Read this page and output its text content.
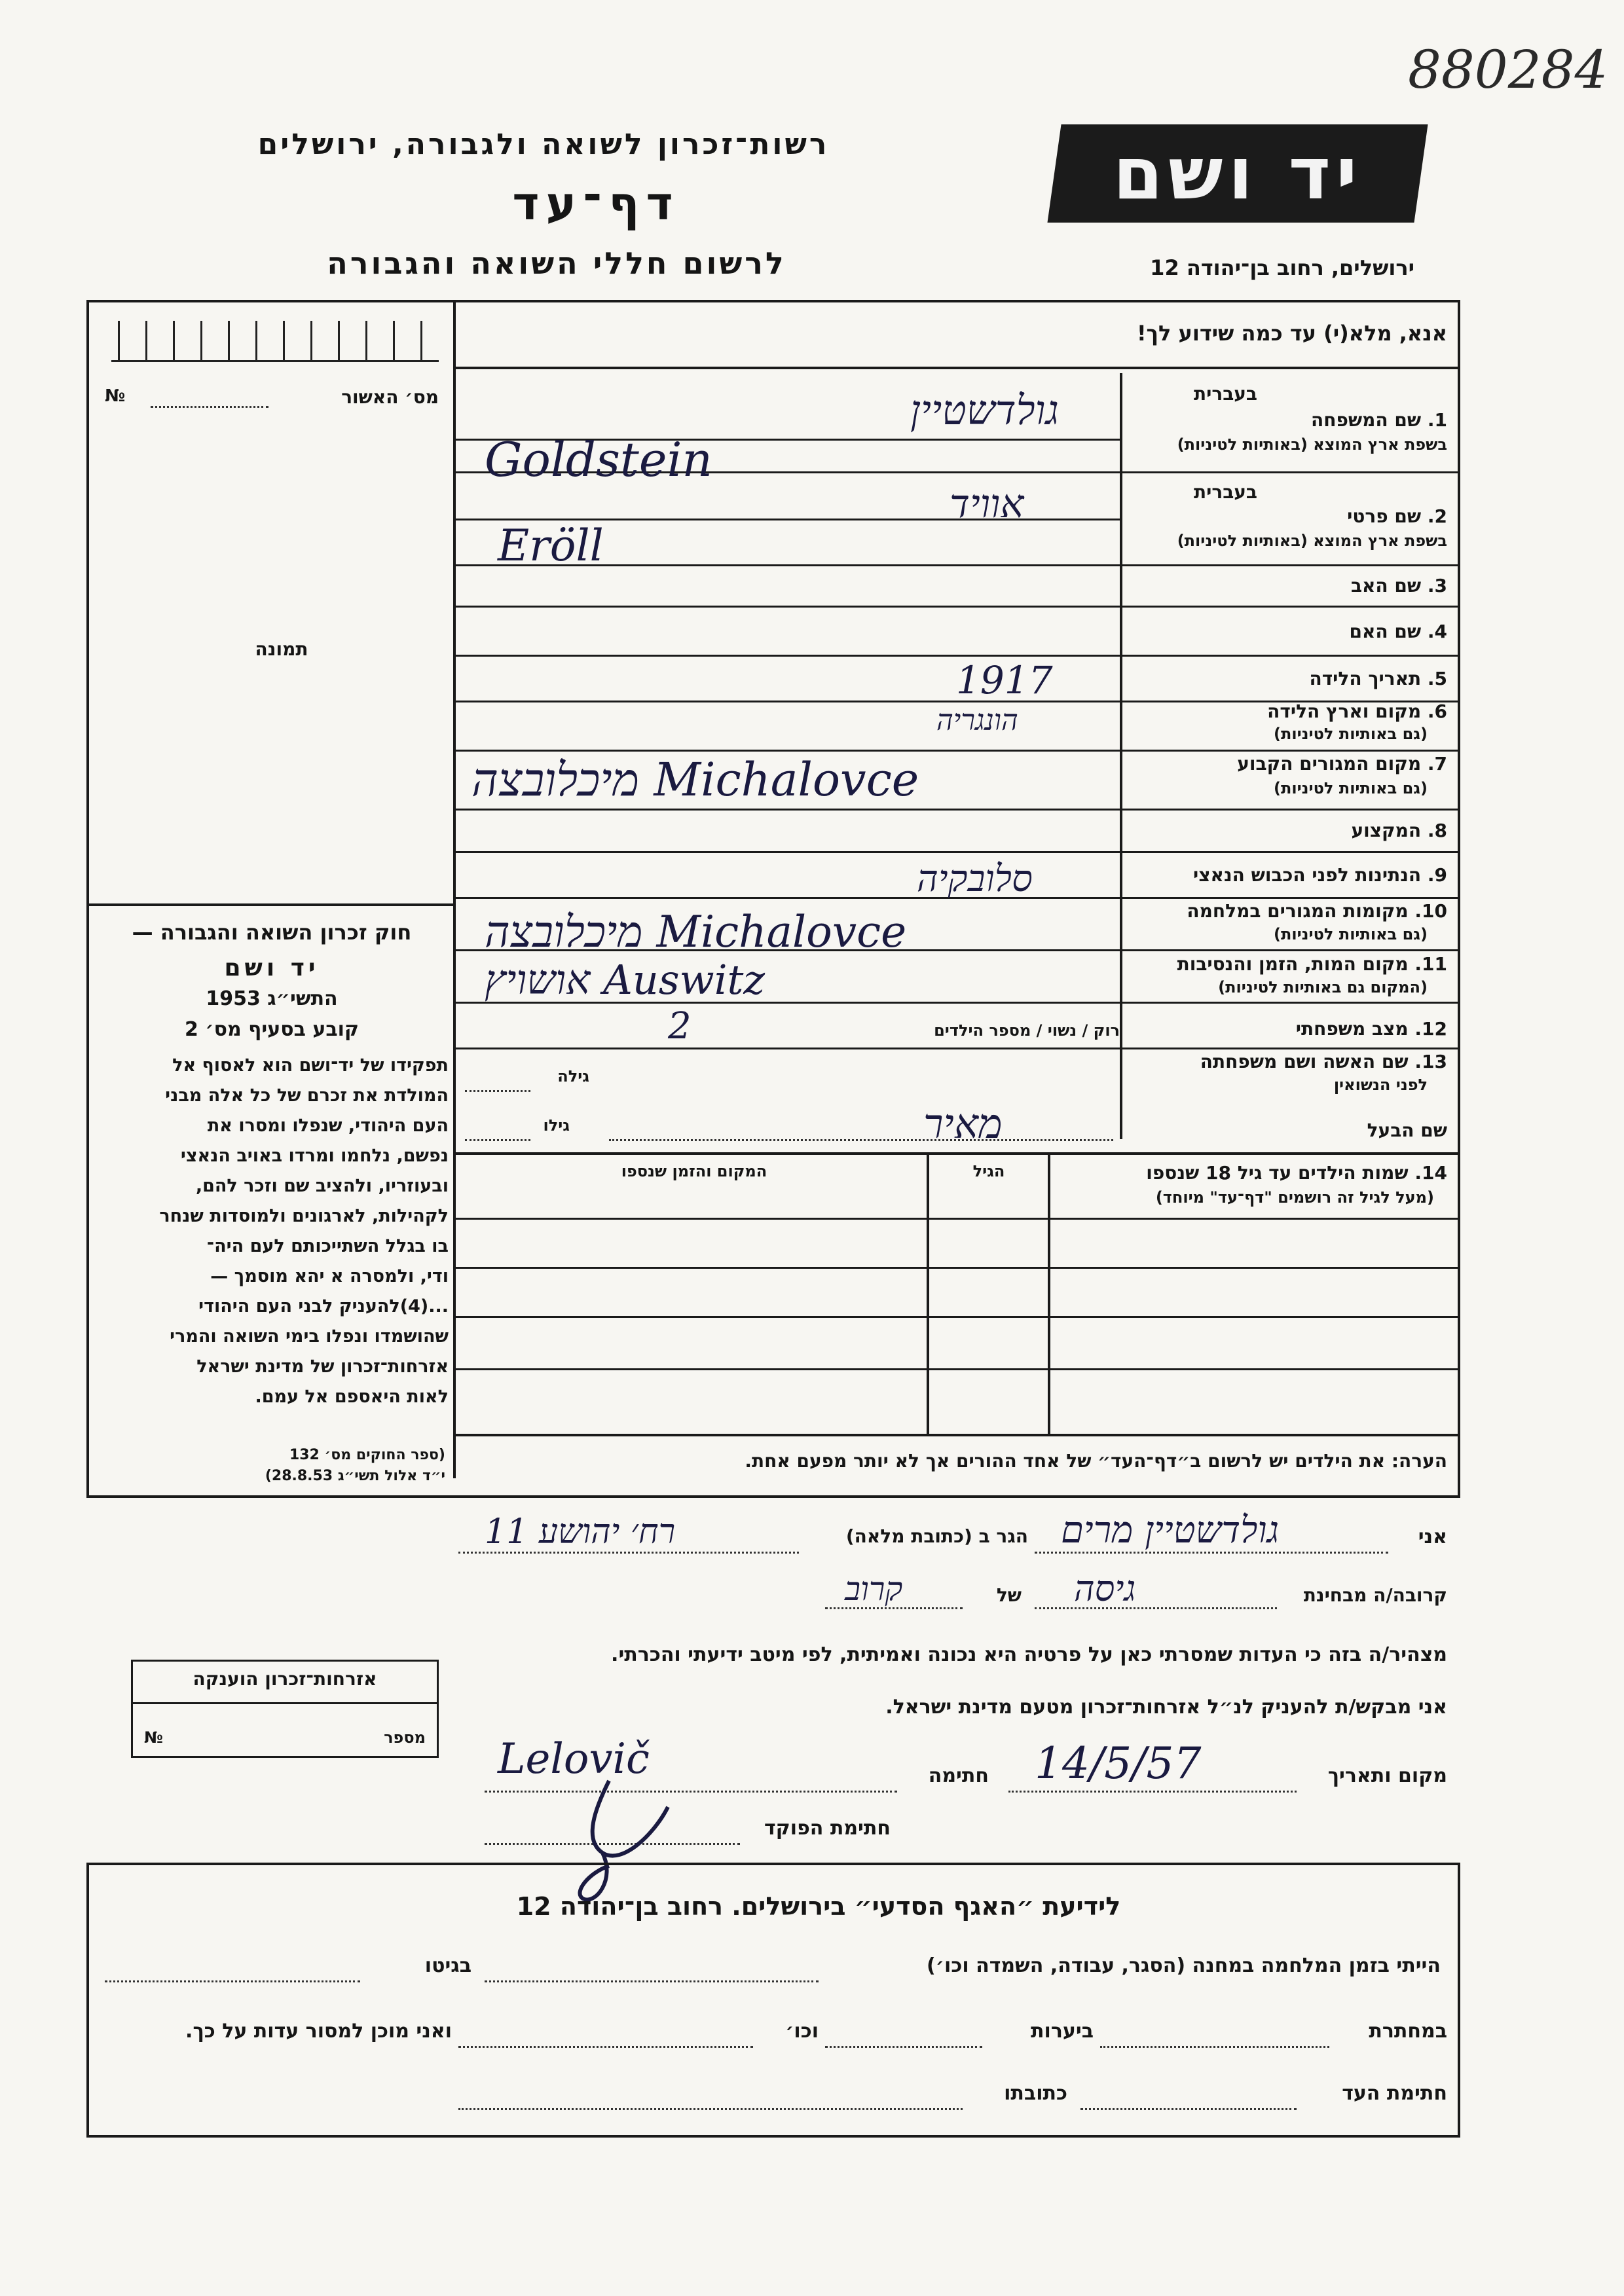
880284
רשות־זכרון לשואה ולגבורה, ירושלים
דף־עד
לרשום חללי השואה והגבורה
יד ושם
ירושלים, רחוב בן־יהודה 12
אנא, מלא(י) עד כמה שידוע לך!
מס׳ האשור
№
תמונה
חוק זכרון השואה והגבורה —
יד ושם
1953 התשי״ג
קובע בסעיף מס׳ 2
תפקידו של יד־ושם הוא לאסוף אל
המולדת את זכרם של כל אלה מבני
העם היהודי, שנפלו ומסרו את
נפשם, נלחמו ומרדו באויב הנאצי
ובעוזריו, ולהציב שם וזכר להם,
לקהילות, לארגונים ולמוסדות שנחר
בו בגלל השתייכותם לעם היה־
ודי, ולמסרה א יהא מוסמך —
...(4)להעניק לבני העם היהודי
שהושמדו ונפלו בימי השואה והמרי
אזרחות־זכרון של מדינת ישראל
לאות היאספם אל עמם.
(ספר החוקים מס׳ 132
י״ד אלול תשי״ג 28.8.53)
בעברית
1. שם המשפחה
בשפת ארץ המוצא (באותיות לטיניות)
בעברית
2. שם פרטי
בשפת ארץ המוצא (באותיות לטיניות)
3. שם האב
4. שם האם
5. תאריך הלידה
6. מקום וארץ הלידה
(גם באותיות לטיניות)
7. מקום המגורים הקבוע
(גם באותיות לטיניות)
8. המקצוע
9. הנתינות לפני הכבוש הנאצי
10. מקומות המגורים במלחמה
(גם באותיות לטיניות)
11. מקום המות, הזמן והנסיבות
(המקום גם באותיות לטיניות)
12. מצב משפחתי
13. שם האשה ושם משפחתה
לפני הנשואין
שם הבעל
רוק / נשוי / מספר הילדים
גילה
גילו
גולדשטיין
Goldstein
אוויד
Eröll
1917
הונגריה
מיכלובצה Michalovce
סלובקיה
מיכלובצה Michalovce
אושויץ Auswitz
2
מאיר
14. שמות הילדים עד גיל 18 שנספו
(מעל לגיל זה רושמים "דף־עד" מיוחד)
הגיל
המקום והזמן שנספו
הערה: את הילדים יש לרשום ב״דף־העד״ של אחד ההורים אך לא יותר מפעם אחת.
אני
גולדשטיין מרים
הגר ב (כתובת מלאה)
רח׳ יהושע 11
קרובה/ה מבחינת
גיסה
של
קרוב
מצהיר/ה בזה כי העדות שמסרתי כאן על פרטיה היא נכונה ואמיתית, לפי מיטב ידיעתי והכרתי.
אני מבקש/ת להעניק לנ״ל אזרחות־זכרון מטעם מדינת ישראל.
מקום ותאריך
14/5/57
חתימה
Lelovič
חתימת הפוקד
אזרחות־זכרון הוענקה
מספר
№
לידיעת ״האגף הסדעי״ בירושלים. רחוב בן־יהודה 12
הייתי בזמן המלחמה במחנה (הסגר, עבודה, השמדה וכו׳)
בגיטו
במחתרת
ביערות
וכו׳
ואני מוכן למסור עדות על כך.
חתימת העד
כתובתו
